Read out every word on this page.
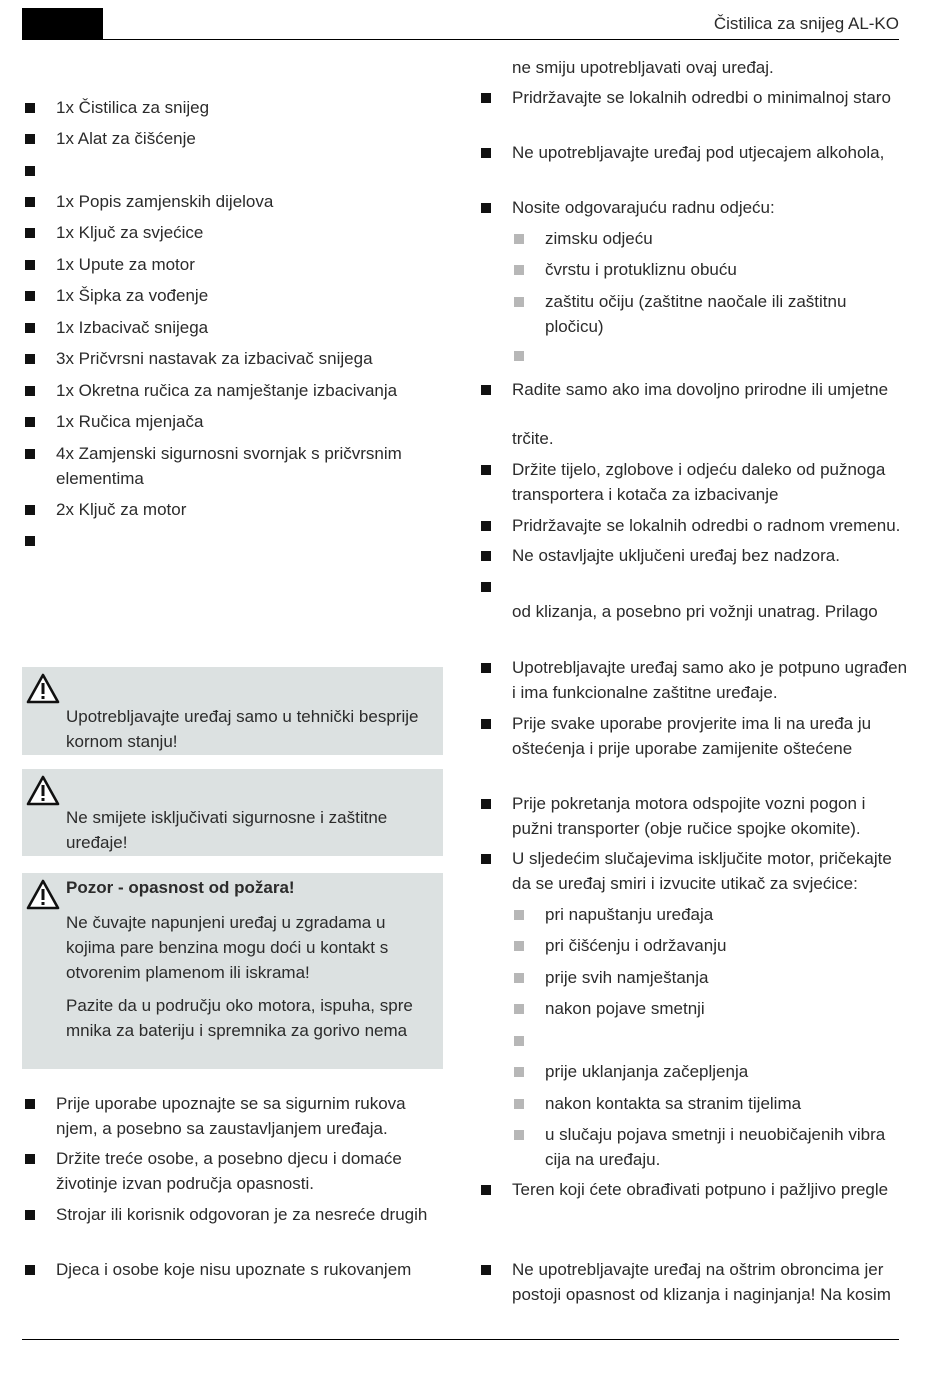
Čistilica za snijeg AL-KO
1x Čistilica za snijeg
1x Alat za čišćenje
1x Popis zamjenskih dijelova
1x Ključ za svjećice
1x Upute za motor
1x Šipka za vođenje
1x Izbacivač snijega
3x Pričvrsni nastavak za izbacivač snijega
1x Okretna ručica za namještanje izbacivanja
1x Ručica mjenjača
4x Zamjenski sigurnosni svornjak s pričvrsnim elementima
2x Ključ za motor
Prije uporabe upoznajte se sa sigurnim rukova njem, a posebno sa zaustavljanjem uređaja.
Držite treće osobe, a posebno djecu i domaće životinje izvan područja opasnosti.
Strojar ili korisnik odgovoran je za nesreće drugih
Djeca i osobe koje nisu upoznate s rukovanjem
Upotrebljavajte uređaj samo u tehnički besprije kornom stanju!
Ne smijete isključivati sigurnosne i zaštitne uređaje!
Pozor - opasnost od požara!
Ne čuvajte napunjeni uređaj u zgradama u kojima pare benzina mogu doći u kontakt s otvorenim plamenom ili iskrama!
Pazite da u području oko motora, ispuha, spre mnika za bateriju i spremnika za gorivo nema
ne smiju upotrebljavati ovaj uređaj.
Pridržavajte se lokalnih odredbi o minimalnoj staro
Ne upotrebljavajte uređaj pod utjecajem alkohola,
Nosite odgovarajuću radnu odjeću:
zimsku odjeću
čvrstu i protukliznu obuću
zaštitu očiju (zaštitne naočale ili zaštitnu pločicu)
Radite samo ako ima dovoljno prirodne ili umjetne
trčite.
Držite tijelo, zglobove i odjeću daleko od pužnoga transportera i kotača za izbacivanje
Pridržavajte se lokalnih odredbi o radnom vremenu.
Ne ostavljajte uključeni uređaj bez nadzora.
od klizanja, a posebno pri vožnji unatrag. Prilago
Upotrebljavajte uređaj samo ako je potpuno ugrađen i ima funkcionalne zaštitne uređaje.
Prije svake uporabe provjerite ima li na uređa ju oštećenja i prije uporabe zamijenite oštećene
Prije pokretanja motora odspojite vozni pogon i pužni transporter (obje ručice spojke okomite).
U sljedećim slučajevima isključite motor, pričekajte da se uređaj smiri i izvucite utikač za svjećice:
pri napuštanju uređaja
pri čišćenju i održavanju
prije svih namještanja
nakon pojave smetnji
prije uklanjanja začepljenja
nakon kontakta sa stranim tijelima
u slučaju pojava smetnji i neuobičajenih vibra cija na uređaju.
Teren koji ćete obrađivati potpuno i pažljivo pregle
Ne upotrebljavajte uređaj na oštrim obroncima jer postoji opasnost od klizanja i naginjanja! Na kosim
